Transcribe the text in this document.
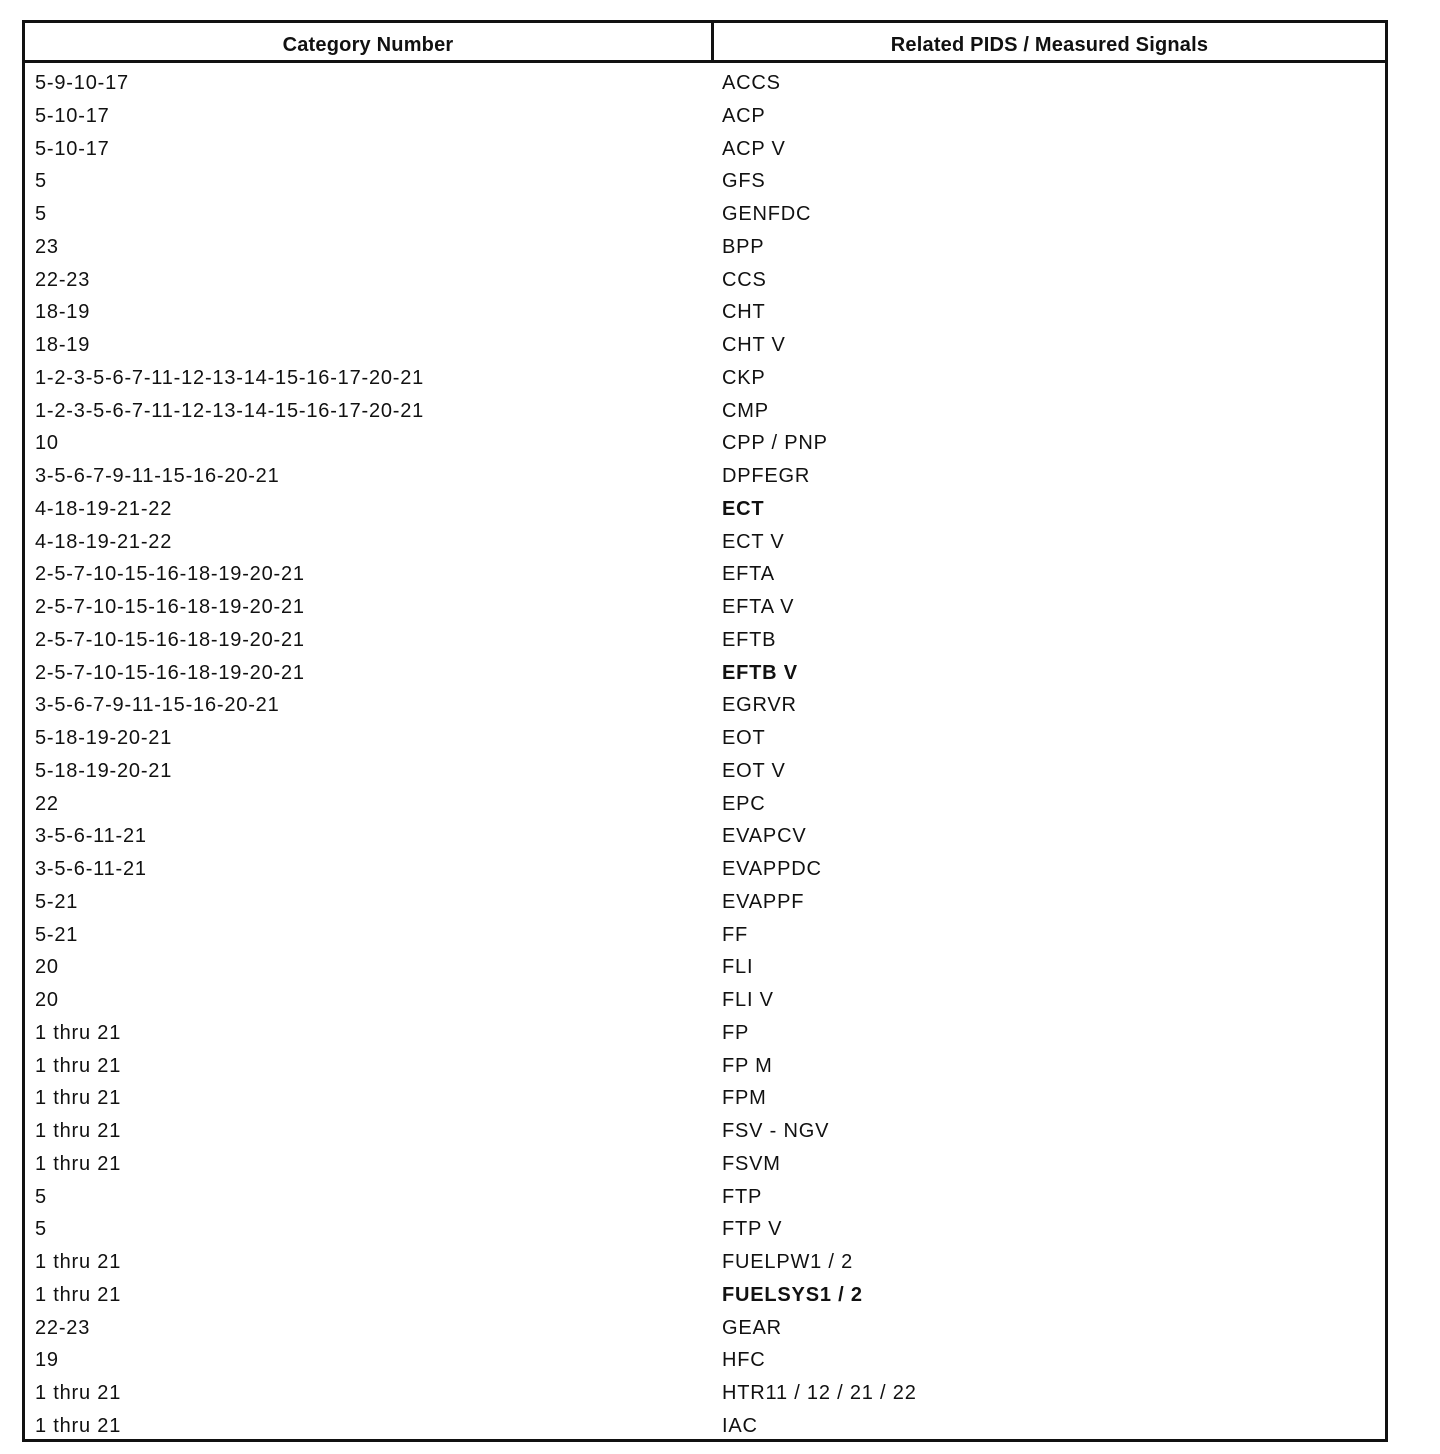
Category Number	Related PIDS / Measured Signals
5-9-10-17	ACCS
5-10-17	ACP
5-10-17	ACP V
5	GFS
5	GENFDC
23	BPP
22-23	CCS
18-19	CHT
18-19	CHT V
1-2-3-5-6-7-11-12-13-14-15-16-17-20-21	CKP
1-2-3-5-6-7-11-12-13-14-15-16-17-20-21	CMP
10	CPP / PNP
3-5-6-7-9-11-15-16-20-21	DPFEGR
4-18-19-21-22	ECT
4-18-19-21-22	ECT V
2-5-7-10-15-16-18-19-20-21	EFTA
2-5-7-10-15-16-18-19-20-21	EFTA V
2-5-7-10-15-16-18-19-20-21	EFTB
2-5-7-10-15-16-18-19-20-21	EFTB V
3-5-6-7-9-11-15-16-20-21	EGRVR
5-18-19-20-21	EOT
5-18-19-20-21	EOT V
22	EPC
3-5-6-11-21	EVAPCV
3-5-6-11-21	EVAPPDC
5-21	EVAPPF
5-21	FF
20	FLI
20	FLI V
1 thru 21	FP
1 thru 21	FP M
1 thru 21	FPM
1 thru 21	FSV - NGV
1 thru 21	FSVM
5	FTP
5	FTP V
1 thru 21	FUELPW1 / 2
1 thru 21	FUELSYS1 / 2
22-23	GEAR
19	HFC
1 thru 21	HTR11 / 12 / 21 / 22
1 thru 21	IAC
